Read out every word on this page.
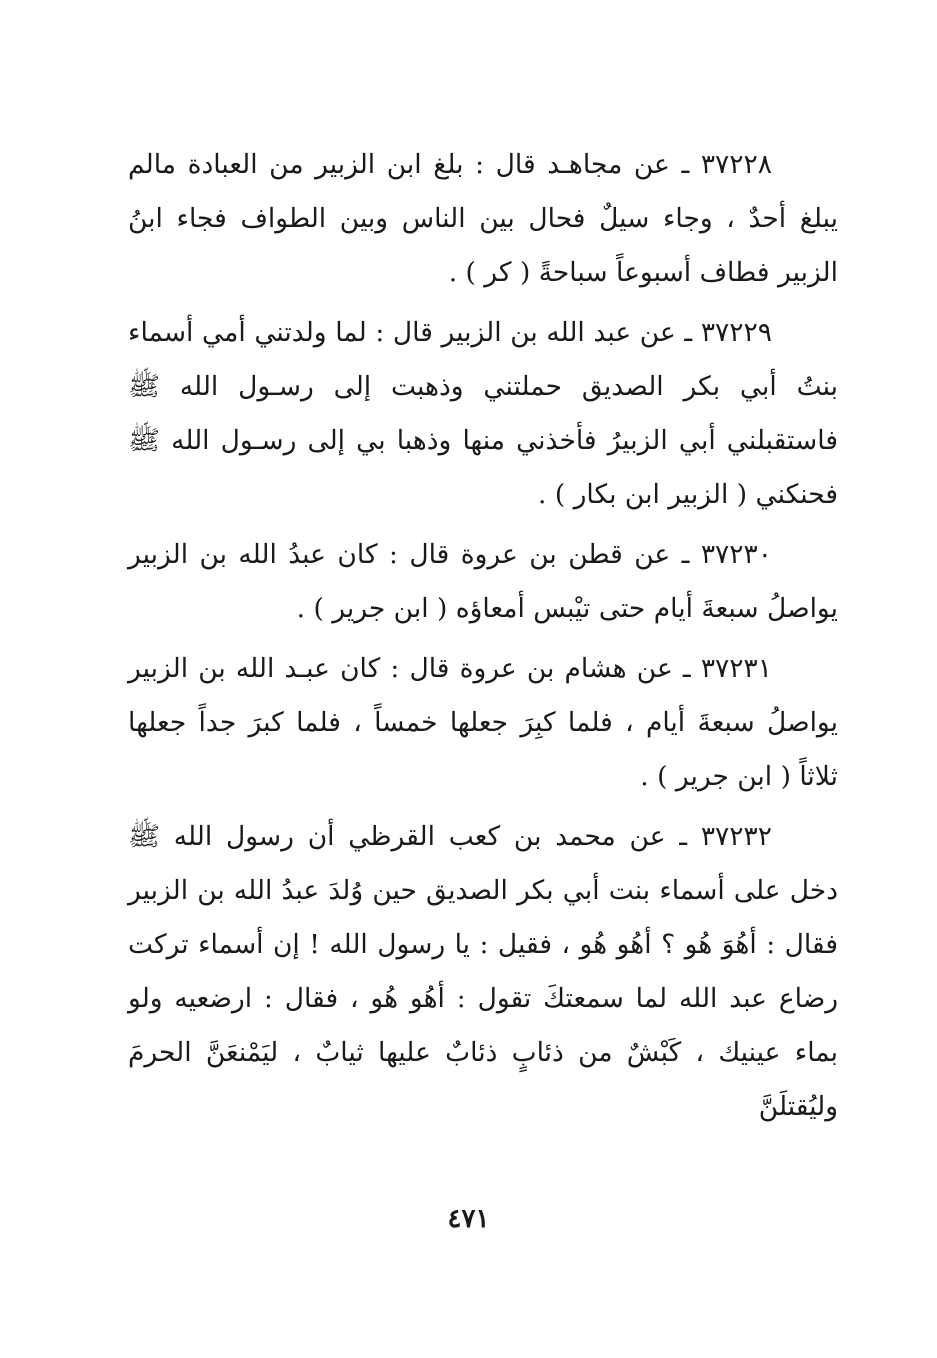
٣٧٢٢٨ ـ عن مجاهـد قال : بلغ ابن الزبير من العبادة مالم يبلغ أحدٌ ، وجاء سيلٌ فحال بين الناس وبين الطواف فجاء ابنُ الزبير فطاف أسبوعاً سباحةً ( كر ) .

٣٧٢٢٩ ـ عن عبد الله بن الزبير قال : لما ولدتني أمي أسماء بنتُ أبي بكر الصديق حملتني وذهبت إلى رسـول الله ﷺ فاستقبلني أبي الزبيرُ فأخذني منها وذهبا بي إلى رسـول الله ﷺ فحنكني ( الزبير ابن بكار ) .

٣٧٢٣٠ ـ عن قطن بن عروة قال : كان عبدُ الله بن الزبير يواصلُ سبعةَ أيام حتى تيْبس أمعاؤه ( ابن جرير ) .

٣٧٢٣١ ـ عن هشام بن عروة قال : كان عبـد الله بن الزبير يواصلُ سبعةَ أيام ، فلما كبِرَ جعلها خمساً ، فلما كبرَ جداً جعلها ثلاثاً ( ابن جرير ) .

٣٧٢٣٢ ـ عن محمد بن كعب القرظي أن رسول الله ﷺ دخل على أسماء بنت أبي بكر الصديق حين وُلدَ عبدُ الله بن الزبير فقال : أهُوَ هُو ؟ أهُو هُو ، فقيل : يا رسول الله ! إن أسماء تركت رضاع عبد الله لما سمعتكَ تقول : أهُو هُو ، فقال : ارضعيه ولو بماء عينيك ، كَبْشٌ من ذئابٍ ذئابٌ عليها ثيابٌ ، ليَمْنعَنَّ الحرمَ وليُقتلَنَّ

٤٧١
